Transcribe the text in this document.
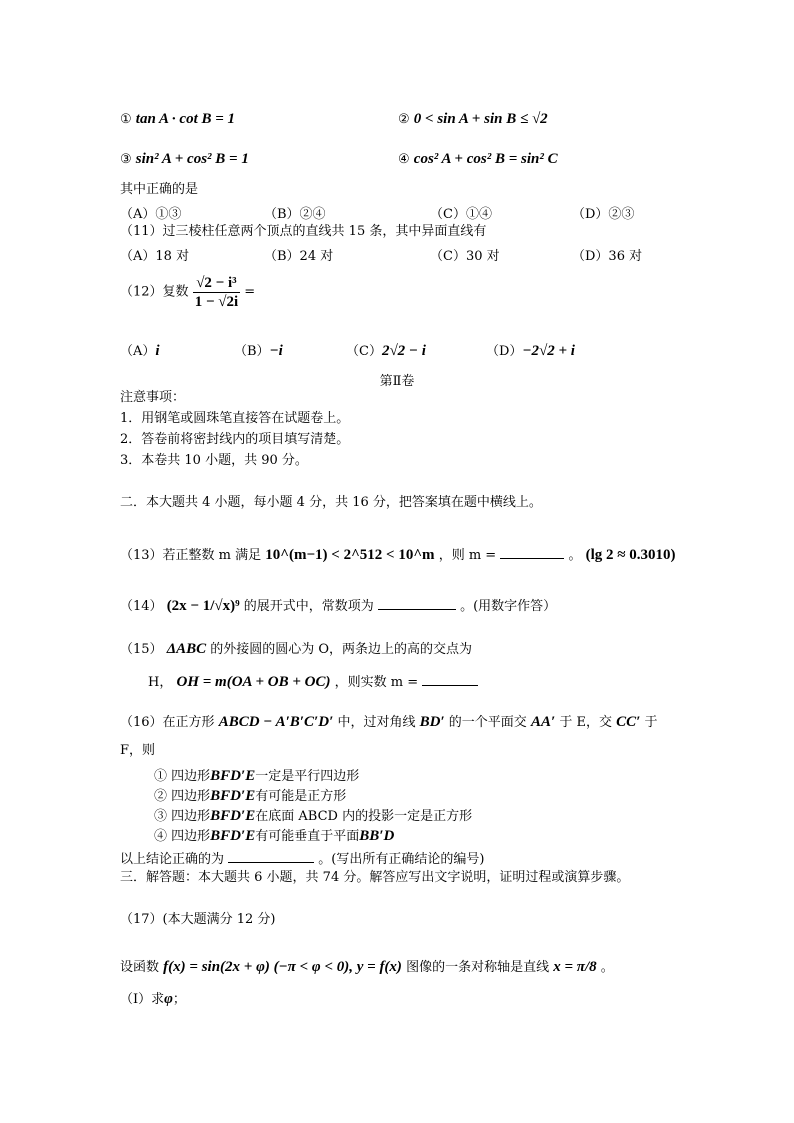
① tan A · cot B = 1	② 0 < sin A + sin B ≤ √2
③ sin² A + cos² B = 1	④ cos² A + cos² B = sin² C
其中正确的是
（A）①③	（B）②④	（C）①④	（D）②③
（11）过三棱柱任意两个顶点的直线共 15 条，其中异面直线有
（A）18 对	（B）24 对	（C）30 对	（D）36 对
（12）复数 $\frac{\text{√2 − i³}}{1 - √2i}$ =
（A）i	（B）−i	（C）2√2 − i	（D）−2√2 + i
第Ⅱ卷
注意事项：
1．用钢笔或圆珠笔直接答在试题卷上。
2．答卷前将密封线内的项目填写清楚。
3．本卷共 10 小题，共 90 分。
二．本大题共 4 小题，每小题 4 分，共 16 分，把答案填在题中横线上。
（13）若正整数 m 满足 10^(m−1) < 2^512 < 10^m ，则 m =	。 (lg 2 ≈ 0.3010)
（14） (2x − 1/√x)⁹ 的展开式中，常数项为	。(用数字作答）
（15） ΔABC 的外接圆的圆心为 O，两条边上的高的交点为
H， OH = m(OA + OB + OC) ，则实数 m =
（16）在正方形 ABCD − A′B′C′D′ 中，过对角线 BD′ 的一个平面交 AA′ 于 E，交 CC′ 于
F，则
① 四边形BFD′E一定是平行四边形
② 四边形BFD′E有可能是正方形
③ 四边形BFD′E在底面 ABCD 内的投影一定是正方形
④ 四边形BFD′E有可能垂直于平面BB′D
以上结论正确的为	。(写出所有正确结论的编号)
三．解答题：本大题共 6 小题，共 74 分。解答应写出文字说明，证明过程或演算步骤。
（17）(本大题满分 12 分)
设函数 f(x) = sin(2x + φ) (−π < φ < 0), y = f(x) 图像的一条对称轴是直线 x = π/8 。
（Ⅰ）求φ；
